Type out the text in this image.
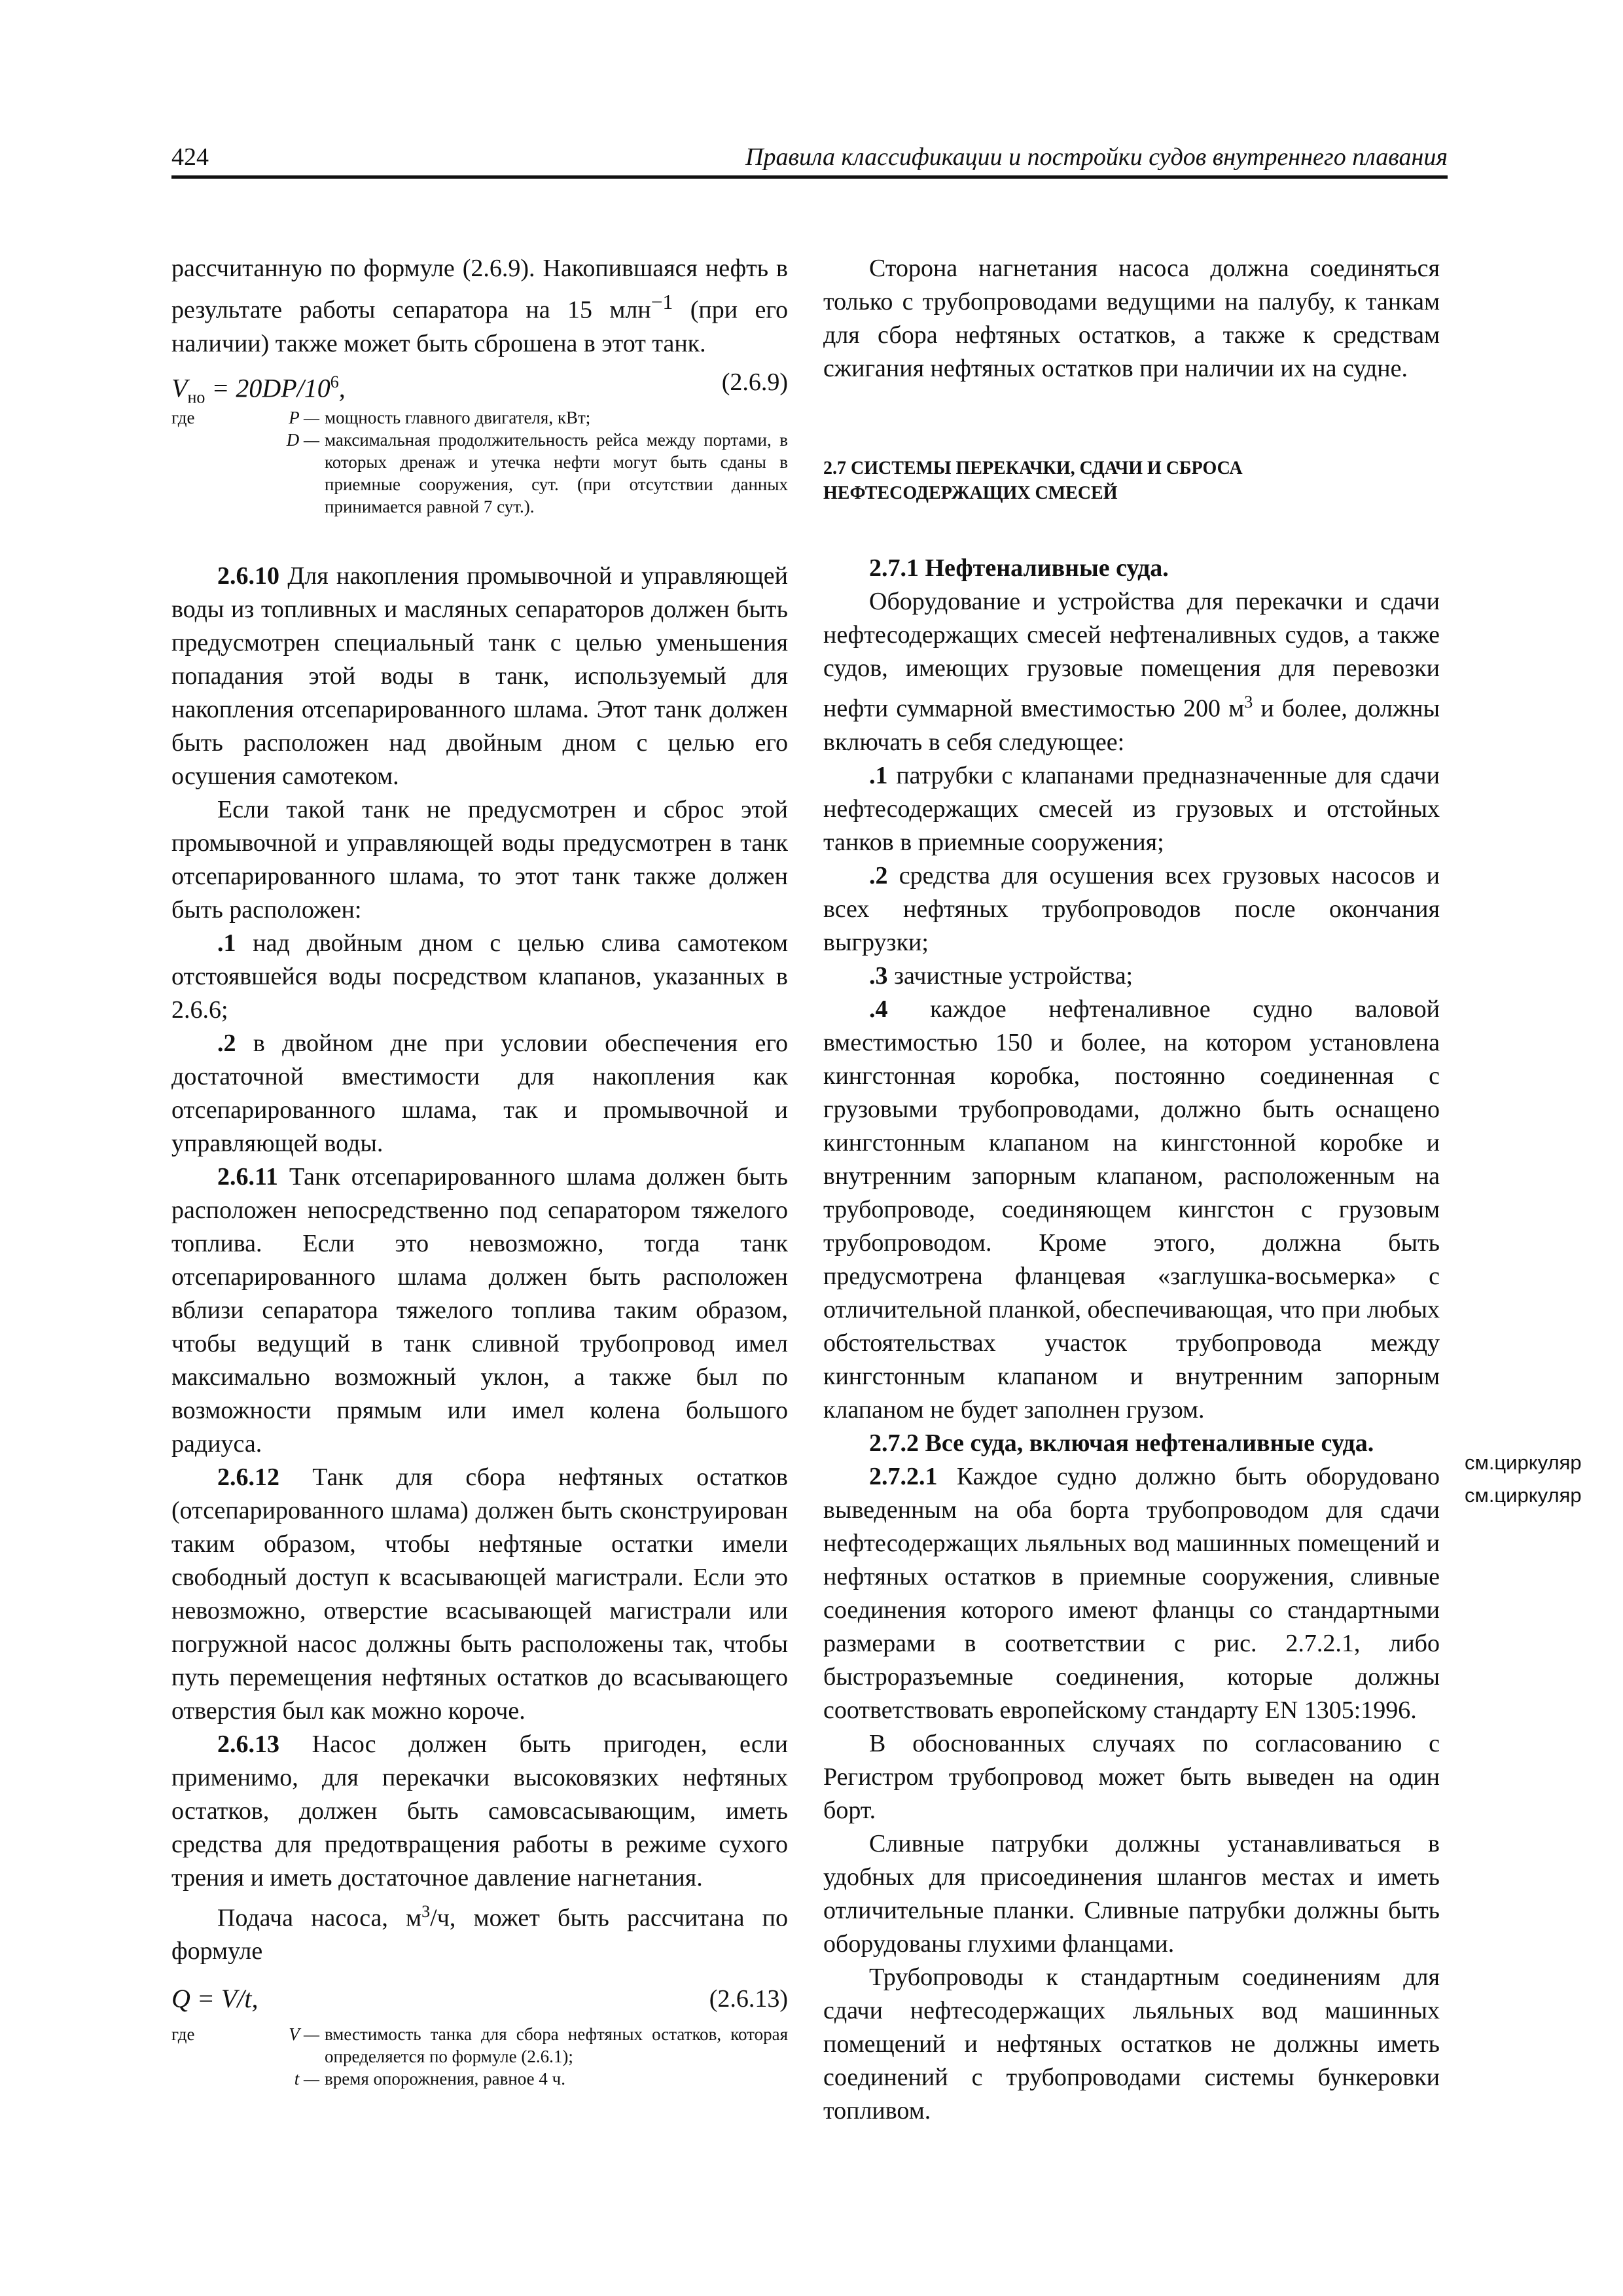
424	Правила классификации и постройки судов внутреннего плавания

рассчитанную по формуле (2.6.9). Накопившаяся нефть в результате работы сепаратора на 15 млн$^{-1}$ (при его наличии) также может быть сброшена в этот танк.

$V_{но} = 20DP/10^6$,	(2.6.9)
где	P — мощность главного двигателя, кВт;
D — максимальная продолжительность рейса между портами, в которых дренаж и утечка нефти могут быть сданы в приемные сооружения, сут. (при отсутствии данных принимается равной 7 сут.).

2.6.10 Для накопления промывочной и управляющей воды из топливных и масляных сепараторов должен быть предусмотрен специальный танк с целью уменьшения попадания этой воды в танк, используемый для накопления отсепарированного шлама. Этот танк должен быть расположен над двойным дном с целью его осушения самотеком.

Если такой танк не предусмотрен и сброс этой промывочной и управляющей воды предусмотрен в танк отсепарированного шлама, то этот танк также должен быть расположен:

.1 над двойным дном с целью слива самотеком отстоявшейся воды посредством клапанов, указанных в 2.6.6;

.2 в двойном дне при условии обеспечения его достаточной вместимости для накопления как отсепарированного шлама, так и промывочной и управляющей воды.

2.6.11 Танк отсепарированного шлама должен быть расположен непосредственно под сепаратором тяжелого топлива. Если это невозможно, тогда танк отсепарированного шлама должен быть расположен вблизи сепаратора тяжелого топлива таким образом, чтобы ведущий в танк сливной трубопровод имел максимально возможный уклон, а также был по возможности прямым или имел колена большого радиуса.

2.6.12 Танк для сбора нефтяных остатков (отсепарированного шлама) должен быть сконструирован таким образом, чтобы нефтяные остатки имели свободный доступ к всасывающей магистрали. Если это невозможно, отверстие всасывающей магистрали или погружной насос должны быть расположены так, чтобы путь перемещения нефтяных остатков до всасывающего отверстия был как можно короче.

2.6.13 Насос должен быть пригоден, если применимо, для перекачки высоковязких нефтяных остатков, должен быть самовсасывающим, иметь средства для предотвращения работы в режиме сухого трения и иметь достаточное давление нагнетания.

Подача насоса, $м^3/ч$, может быть рассчитана по формуле

Q = V/t,	(2.6.13)
где	V — вместимость танка для сбора нефтяных остатков, которая определяется по формуле (2.6.1);
t — время опорожнения, равное 4 ч.

Сторона нагнетания насоса должна соединяться только с трубопроводами ведущими на палубу, к танкам для сбора нефтяных остатков, а также к средствам сжигания нефтяных остатков при наличии их на судне.

2.7 СИСТЕМЫ ПЕРЕКАЧКИ, СДАЧИ И СБРОСА

НЕФТЕСОДЕРЖАЩИХ СМЕСЕЙ

2.7.1 Нефтеналивные суда.

Оборудование и устройства для перекачки и сдачи нефтесодержащих смесей нефтеналивных судов, а также судов, имеющих грузовые помещения для перевозки нефти суммарной вместимостью 200 $м^3$ и более, должны включать в себя следующее:

.1 патрубки с клапанами предназначенные для сдачи нефтесодержащих смесей из грузовых и отстойных танков в приемные сооружения;

.2 средства для осушения всех грузовых насосов и всех нефтяных трубопроводов после окончания выгрузки;

.3 зачистные устройства;

.4 каждое нефтеналивное судно валовой вместимостью 150 и более, на котором установлена кингстонная коробка, постоянно соединенная с грузовыми трубопроводами, должно быть оснащено кингстонным клапаном на кингстонной коробке и внутренним запорным клапаном, расположенным на трубопроводе, соединяющем кингстон с грузовым трубопроводом. Кроме этого, должна быть предусмотрена фланцевая «заглушка-восьмерка» с отличительной планкой, обеспечивающая, что при любых обстоятельствах участок трубопровода между кингстонным клапаном и внутренним запорным клапаном не будет заполнен грузом.

2.7.2 Все суда, включая нефтеналивные суда.

2.7.2.1 Каждое судно должно быть оборудовано выведенным на оба борта трубопроводом для сдачи нефтесодержащих льяльных вод машинных помещений и нефтяных остатков в приемные сооружения, сливные соединения которого имеют фланцы со стандартными размерами в соответствии с рис. 2.7.2.1, либо быстроразъемные соединения, которые должны соответствовать европейскому стандарту EN 1305:1996.

В обоснованных случаях по согласованию с Регистром трубопровод может быть выведен на один борт.

Сливные патрубки должны устанавливаться в удобных для присоединения шлангов местах и иметь отличительные планки. Сливные патрубки должны быть оборудованы глухими фланцами.

Трубопроводы к стандартным соединениям для сдачи нефтесодержащих льяльных вод машинных помещений и нефтяных остатков не должны иметь соединений с трубопроводами системы бункеровки топливом.

см.циркуляр
см.циркуляр
